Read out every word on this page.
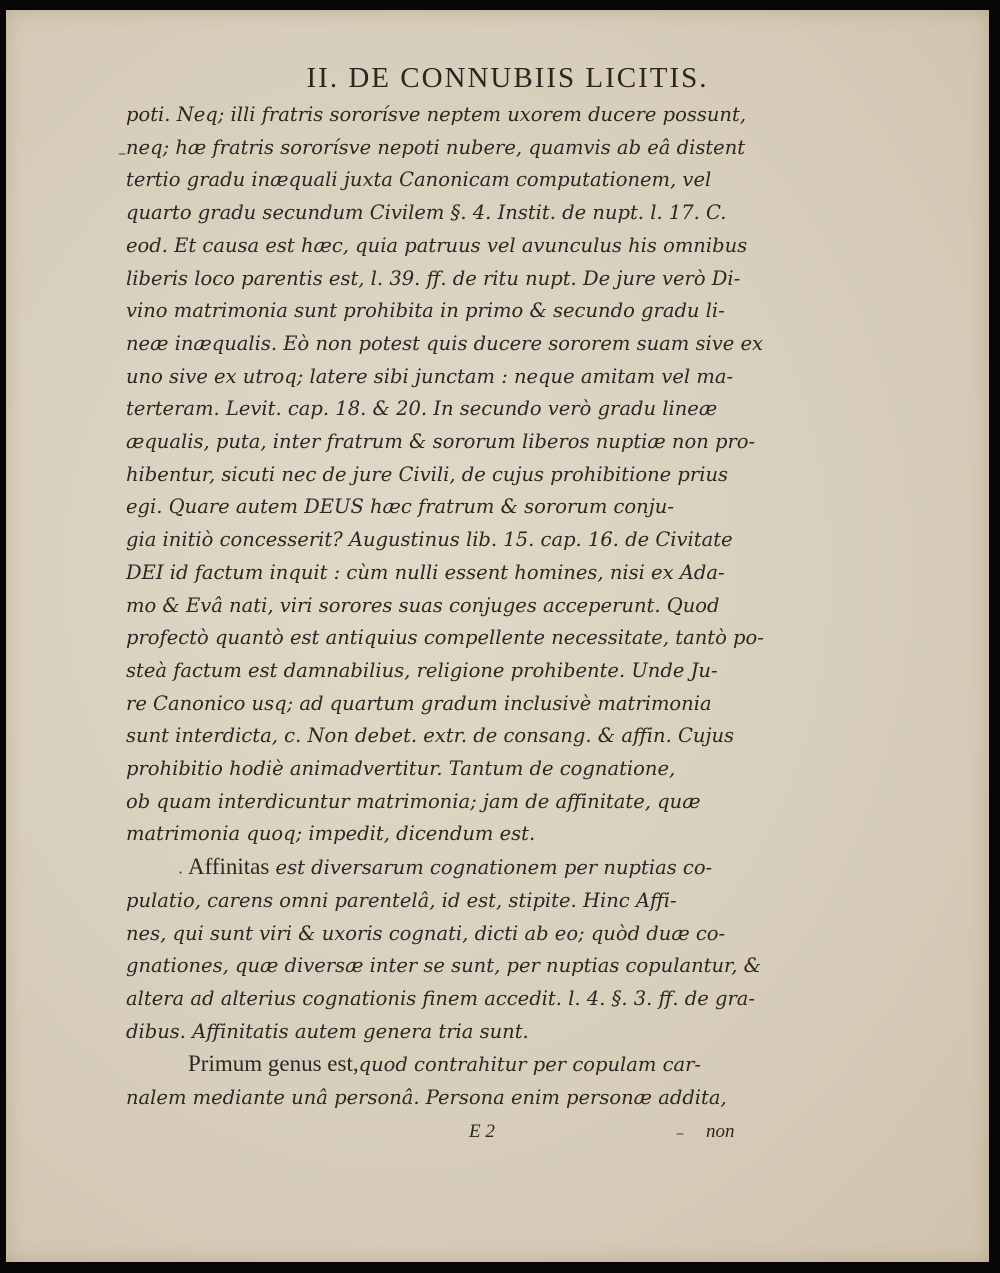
II. DE CONNUBIIS LICITIS.
–
·
–
poti. Neq; illi fratris sororísve neptem uxorem ducere possunt,
neq; hæ fratris sororísve nepoti nubere, quamvis ab eâ distent
tertio gradu inæquali juxta Canonicam computationem, vel
quarto gradu secundum Civilem §. 4. Instit. de nupt. l. 17. C.
eod. Et causa est hæc, quia patruus vel avunculus his omnibus
liberis loco parentis est, l. 39. ff. de ritu nupt. De jure verò Di-
vino matrimonia sunt prohibita in primo & secundo gradu li-
neæ inæqualis. Eò non potest quis ducere sororem suam sive ex
uno sive ex utroq; latere sibi junctam : neque amitam vel ma-
terteram. Levit. cap. 18. & 20. In secundo verò gradu lineæ
æqualis, puta, inter fratrum & sororum liberos nuptiæ non pro-
hibentur, sicuti nec de jure Civili, de cujus prohibitione prius
egi. Quare autem DEUS hæc fratrum & sororum conju-
gia initiò concesserit? Augustinus lib. 15. cap. 16. de Civitate
DEI id factum inquit : cùm nulli essent homines, nisi ex Ada-
mo & Evâ nati, viri sorores suas conjuges acceperunt. Quod
profectò quantò est antiquius compellente necessitate, tantò po-
steà factum est damnabilius, religione prohibente. Unde Ju-
re Canonico usq; ad quartum gradum inclusivè matrimonia
sunt interdicta, c. Non debet. extr. de consang. & affin. Cujus
prohibitio hodiè animadvertitur. Tantum de cognatione,
ob quam interdicuntur matrimonia; jam de affinitate, quæ
matrimonia quoq; impedit, dicendum est.
Affinitas est diversarum cognationem per nuptias co-
pulatio, carens omni parentelâ, id est, stipite. Hinc Affi-
nes, qui sunt viri & uxoris cognati, dicti ab eo; quòd duæ co-
gnationes, quæ diversæ inter se sunt, per nuptias copulantur, &
altera ad alterius cognationis finem accedit. l. 4. §. 3. ff. de gra-
dibus. Affinitatis autem genera tria sunt.
Primum genus est,quod contrahitur per copulam car-
nalem mediante unâ personâ. Persona enim personæ addita,
E 2	non
